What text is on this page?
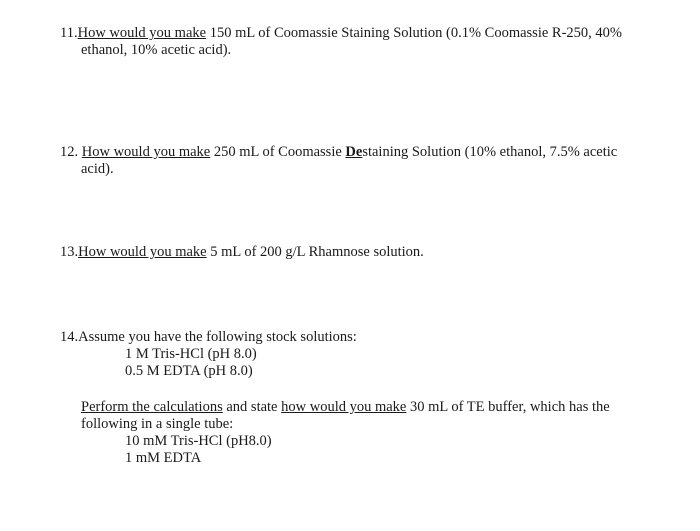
11.How would you make 150 mL of Coomassie Staining Solution (0.1% Coomassie R-250, 40%
ethanol, 10% acetic acid).
12. How would you make 250 mL of Coomassie Destaining Solution (10% ethanol, 7.5% acetic
acid).
13.How would you make 5 mL of 200 g/L Rhamnose solution.
14.Assume you have the following stock solutions:
1 M Tris-HCl (pH 8.0)
0.5 M EDTA (pH 8.0)
Perform the calculations and state how would you make 30 mL of TE buffer, which has the
following in a single tube:
10 mM Tris-HCl (pH8.0)
1 mM EDTA
